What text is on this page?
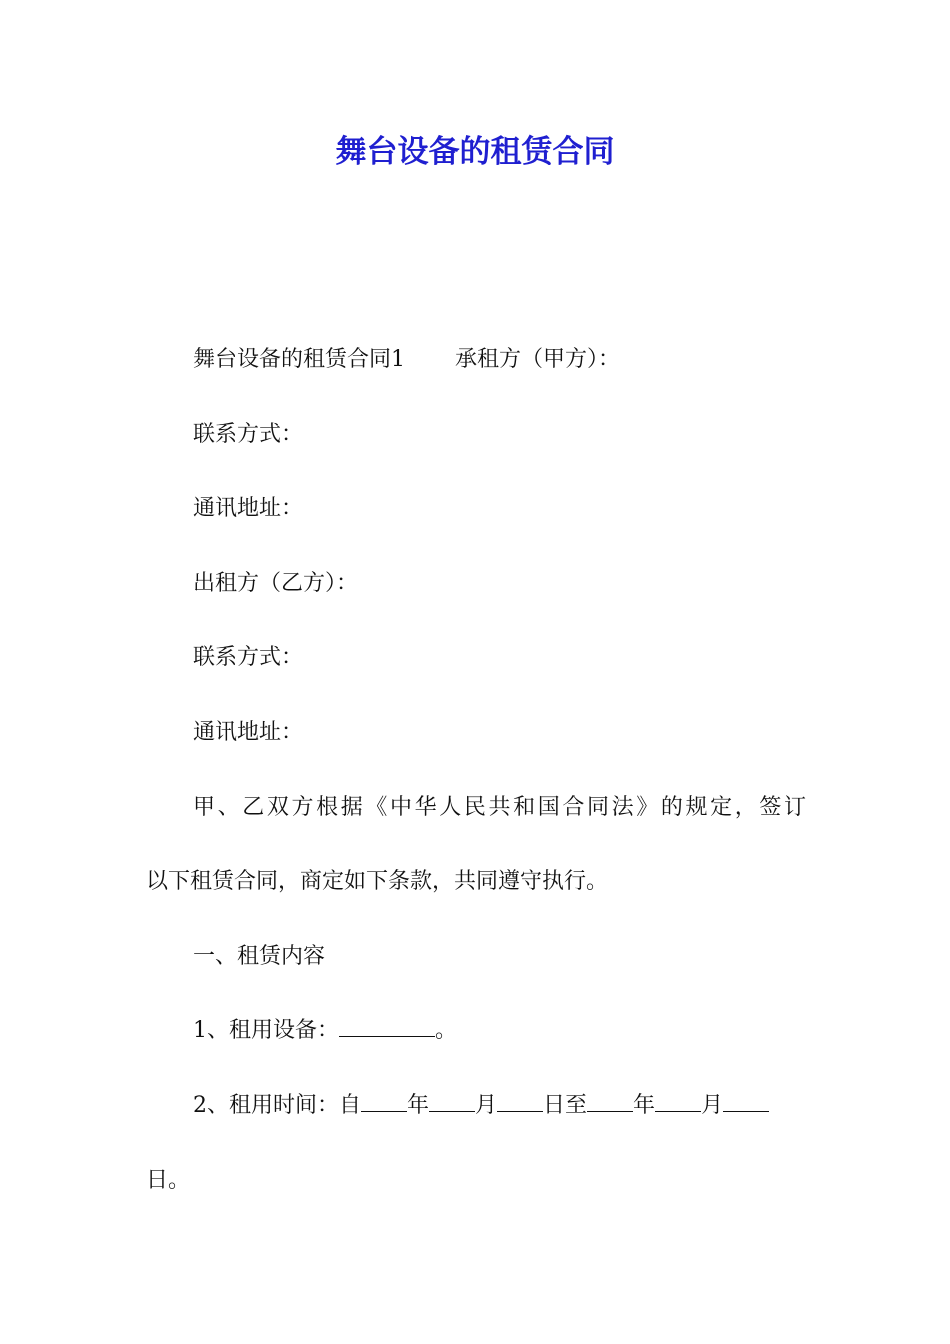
舞台设备的租赁合同

舞台设备的租赁合同1 承租方（甲方）：

联系方式：

通讯地址：

出租方（乙方）：

联系方式：

通讯地址：

甲、乙双方根据《中华人民共和国合同法》的规定，签订

以下租赁合同，商定如下条款，共同遵守执行。

一、租赁内容

1、租用设备：	。

2、租用时间：自 年 月 日至 年 月

日。
